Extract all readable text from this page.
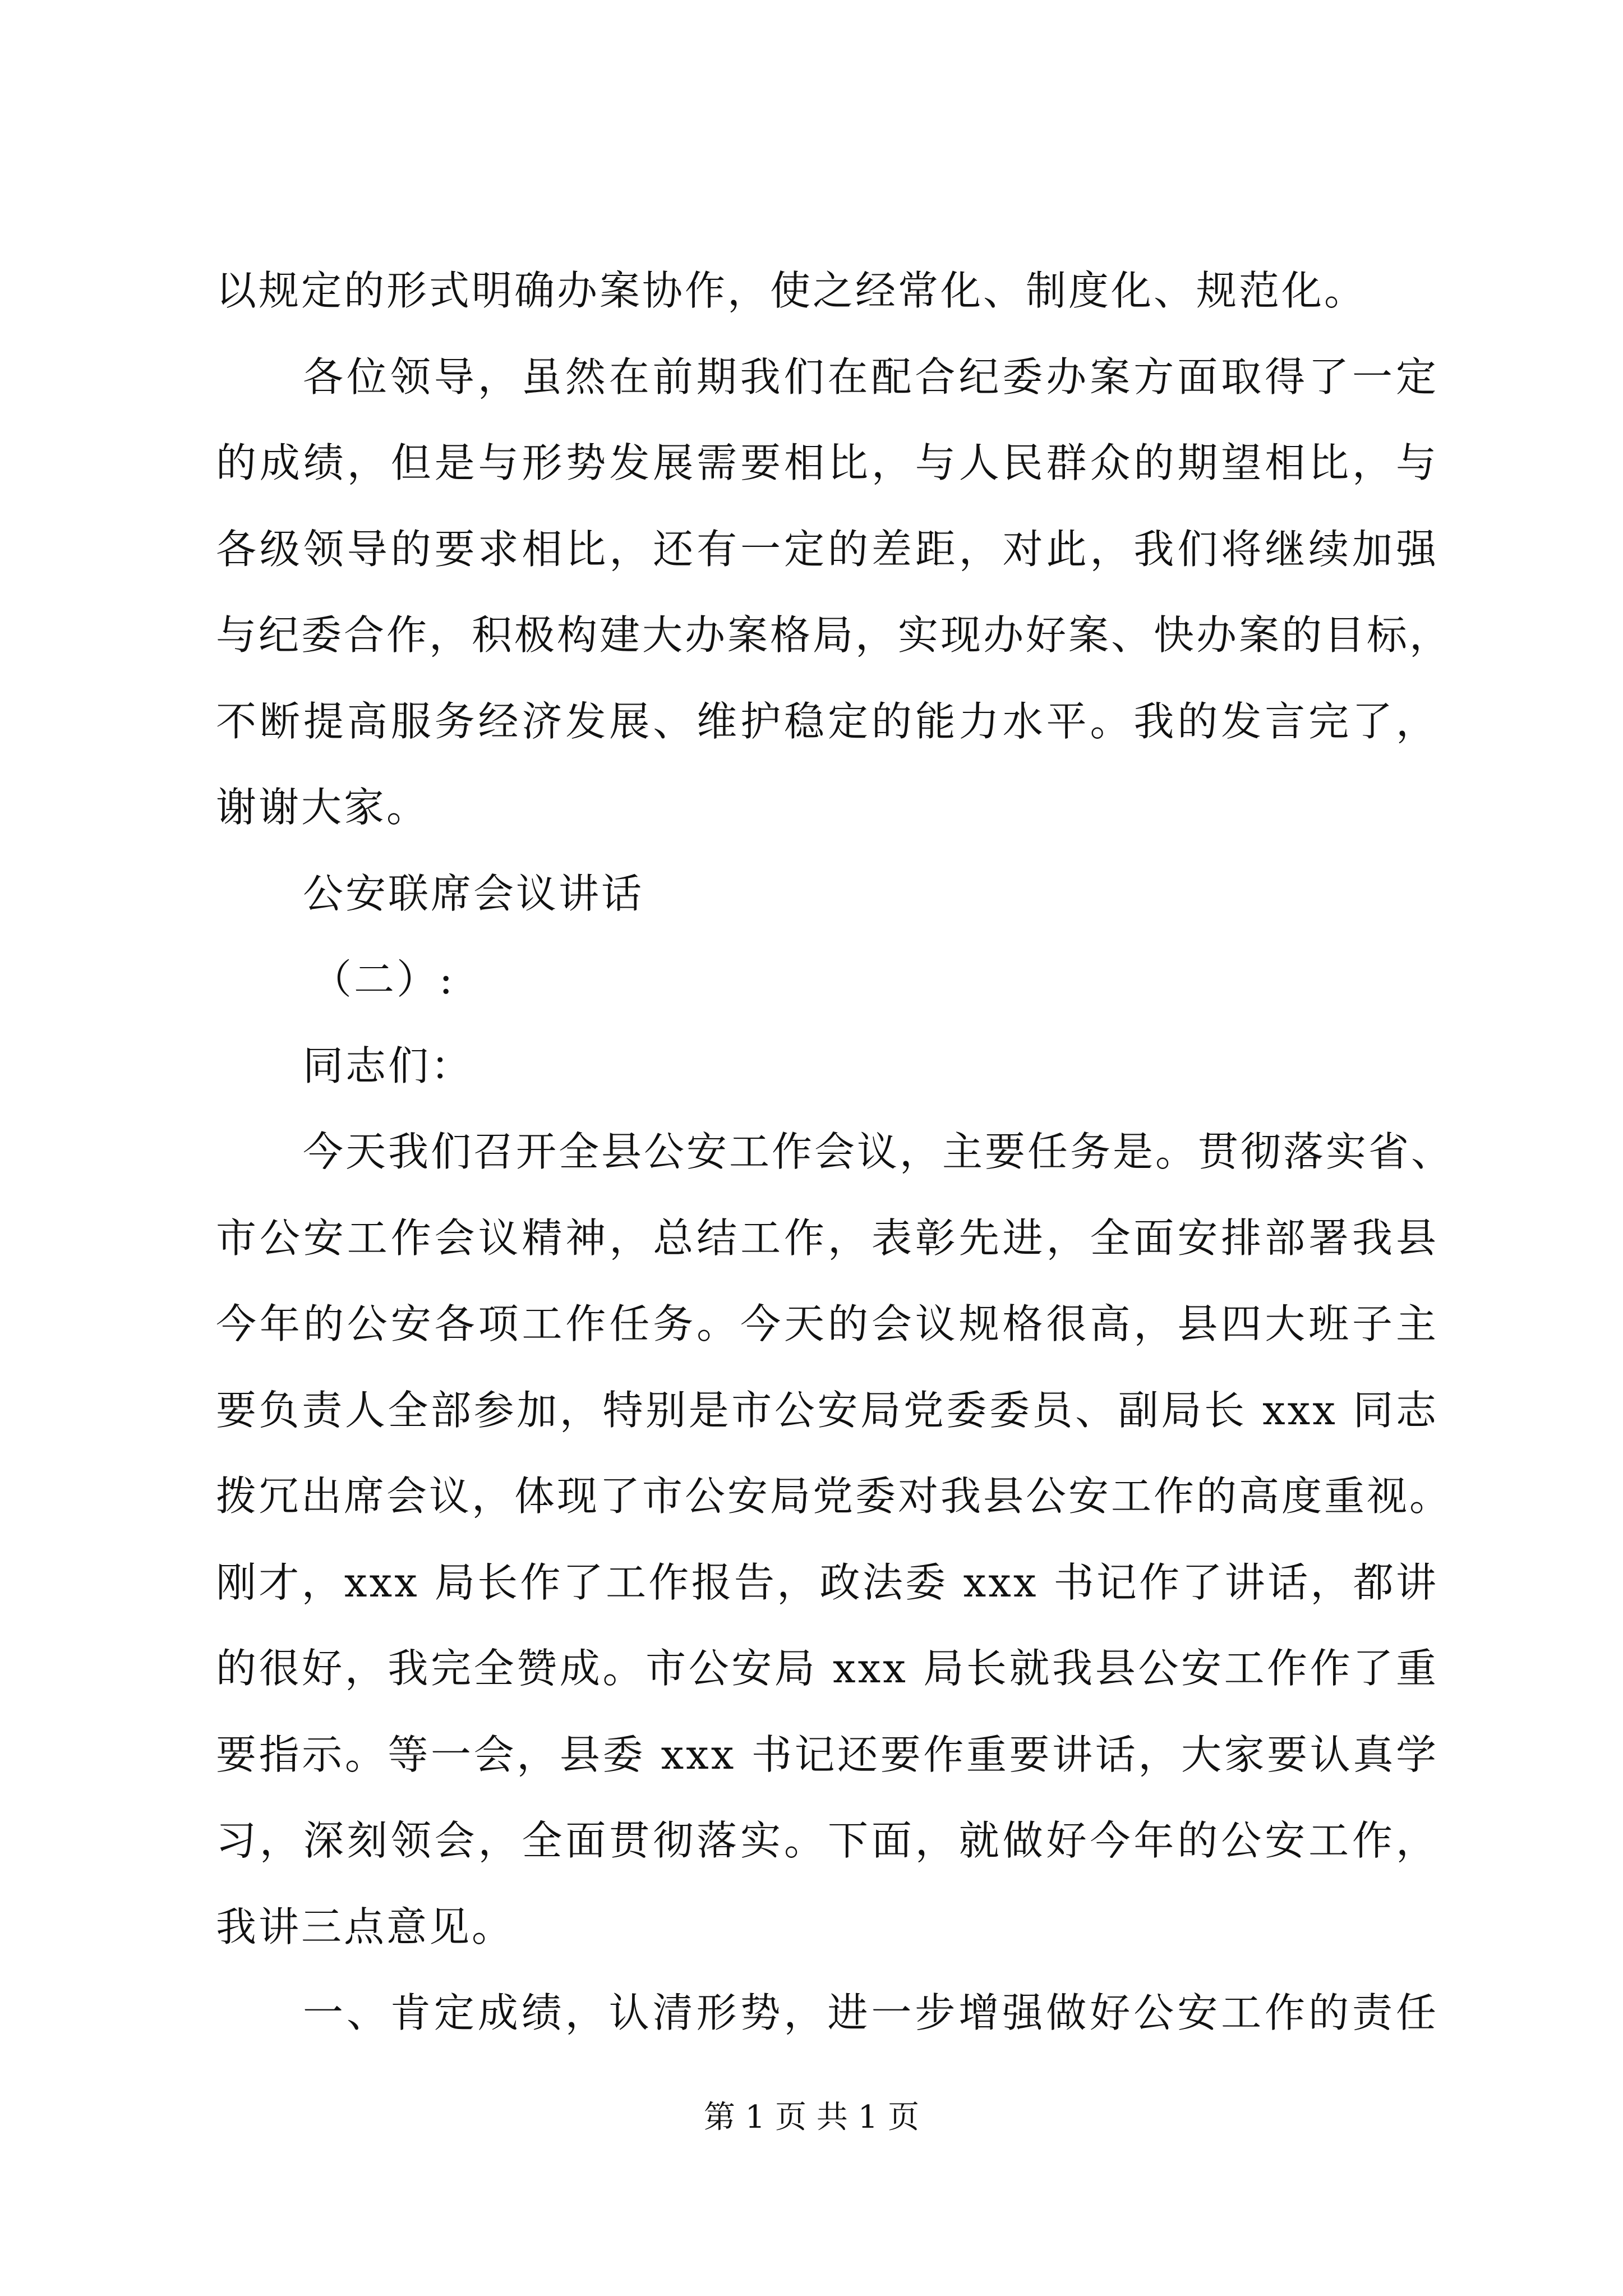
以规定的形式明确办案协作，使之经常化、制度化、规范化。
各位领导，虽然在前期我们在配合纪委办案方面取得了一定
的成绩，但是与形势发展需要相比，与人民群众的期望相比，与
各级领导的要求相比，还有一定的差距，对此，我们将继续加强
与纪委合作，积极构建大办案格局，实现办好案、快办案的目标，
不断提高服务经济发展、维护稳定的能力水平。我的发言完了，
谢谢大家。
公安联席会议讲话
（二）:
同志们：
今天我们召开全县公安工作会议，主要任务是。贯彻落实省、
市公安工作会议精神，总结工作，表彰先进，全面安排部署我县
今年的公安各项工作任务。今天的会议规格很高，县四大班子主
要负责人全部参加，特别是市公安局党委委员、副局长 xxx 同志
拨冗出席会议，体现了市公安局党委对我县公安工作的高度重视。
刚才，xxx 局长作了工作报告，政法委 xxx 书记作了讲话，都讲
的很好，我完全赞成。市公安局 xxx 局长就我县公安工作作了重
要指示。等一会，县委 xxx 书记还要作重要讲话，大家要认真学
习，深刻领会，全面贯彻落实。下面，就做好今年的公安工作，
我讲三点意见。
一、肯定成绩，认清形势，进一步增强做好公安工作的责任
第 1 页 共 1 页
